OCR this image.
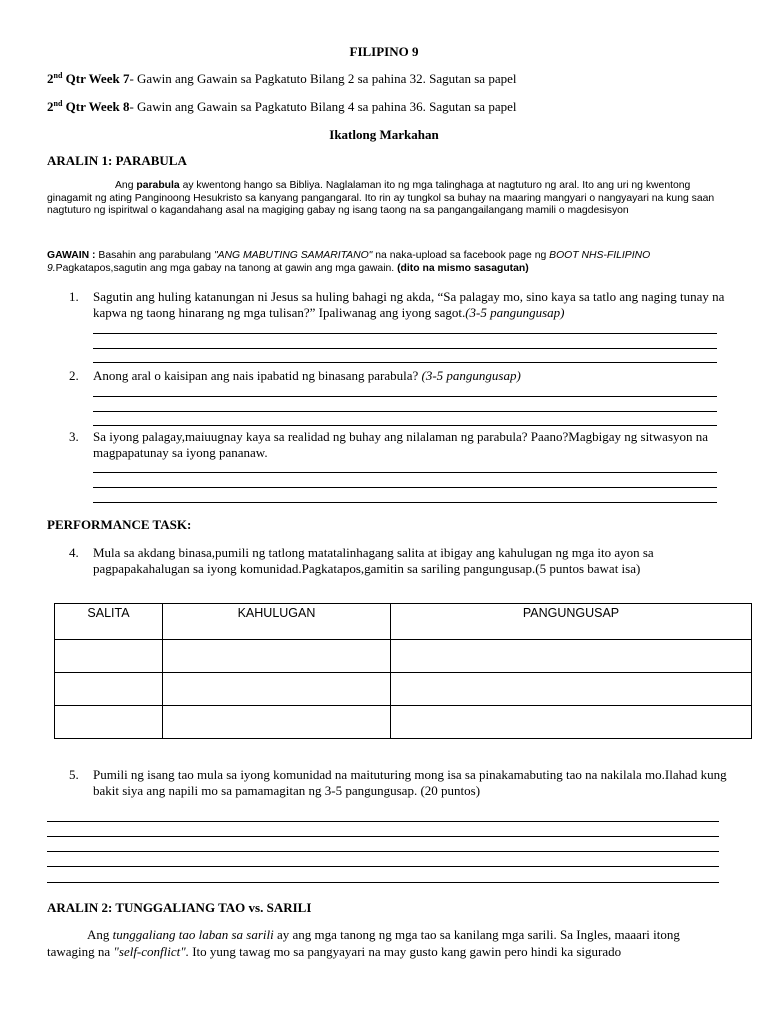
FILIPINO 9
2nd Qtr Week 7- Gawin ang Gawain sa Pagkatuto Bilang 2 sa pahina 32. Sagutan sa papel
2nd Qtr Week 8- Gawin ang Gawain sa Pagkatuto Bilang 4 sa pahina 36. Sagutan sa papel
Ikatlong Markahan
ARALIN 1: PARABULA
Ang parabula ay kwentong hango sa Bibliya. Naglalaman ito ng mga talinghaga at nagtuturo ng aral. Ito ang uri ng kwentong ginagamit ng ating Panginoong Hesukristo sa kanyang pangangaral. Ito rin ay tungkol sa buhay na maaring mangyari o nangyayari na kung saan nagtuturo ng ispiritwal o kagandahang asal na magiging gabay ng isang taong na sa pangangailangang mamili o magdesisyon
GAWAIN : Basahin ang parabulang "ANG MABUTING SAMARITANO" na naka-upload sa facebook page ng BOOT NHS-FILIPINO 9.Pagkatapos,sagutin ang mga gabay na tanong at gawin ang mga gawain. (dito na mismo sasagutan)
1.	Sagutin ang huling katanungan ni Jesus sa huling bahagi ng akda, “Sa palagay mo, sino kaya sa tatlo ang naging tunay na kapwa ng taong hinarang ng mga tulisan?” Ipaliwanag ang iyong sagot.(3-5 pangungusap)
2.	Anong aral o kaisipan ang nais ipabatid ng binasang parabula? (3-5 pangungusap)
3.	Sa iyong palagay,maiuugnay kaya sa realidad ng buhay ang nilalaman ng parabula? Paano?Magbigay ng sitwasyon na magpapatunay sa iyong pananaw.
PERFORMANCE TASK:
4.	Mula sa akdang binasa,pumili ng tatlong matatalinhagang salita at ibigay ang kahulugan ng mga ito ayon sa pagpapakahalugan sa iyong komunidad.Pagkatapos,gamitin sa sariling pangungusap.(5 puntos bawat isa)
SALITA	KAHULUGAN	PANGUNGUSAP

5.	Pumili ng isang tao mula sa iyong komunidad na maituturing mong isa sa pinakamabuting tao na nakilala mo.Ilahad kung bakit siya ang napili mo sa pamamagitan ng 3-5 pangungusap. (20 puntos)
ARALIN 2: TUNGGALIANG TAO vs. SARILI
Ang tunggaliang tao laban sa sarili ay ang mga tanong ng mga tao sa kanilang mga sarili. Sa Ingles, maaari itong tawaging na "self-conflict". Ito yung tawag mo sa pangyayari na may gusto kang gawin pero hindi ka sigurado
